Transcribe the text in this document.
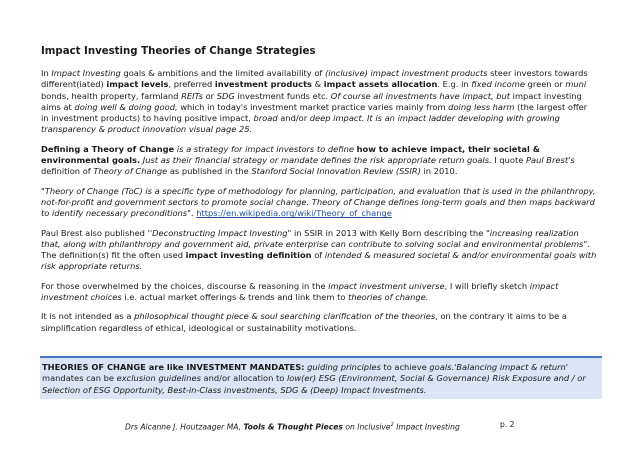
Impact Investing Theories of Change Strategies

In Impact Investing goals & ambitions and the limited availability of (inclusive) impact investment products steer investors towards different(iated) impact levels, preferred investment products & impact assets allocation. E.g. in fixed income green or muni bonds, health property, farmland REITs or SDG investment funds etc. Of course all investments have impact, but impact investing aims at doing well & doing good, which in today's investment market practice varies mainly from doing less harm (the largest offer in investment products) to having positive impact, broad and/or deep impact. It is an impact ladder developing with growing transparency & product innovation visual page 25.

Defining a Theory of Change is a strategy for impact investors to define how to achieve impact, their societal & environmental goals. Just as their financial strategy or mandate defines the risk appropriate return goals. I quote Paul Brest's definition of Theory of Change as published in the Stanford Social Innovation Review (SSIR) in 2010.

"Theory of Change (ToC) is a specific type of methodology for planning, participation, and evaluation that is used in the philanthropy, not-for-profit and government sectors to promote social change. Theory of Change defines long-term goals and then maps backward to identify necessary preconditions". https://en.wikipedia.org/wiki/Theory_of_change

Paul Brest also published ''Deconstructing Impact Investing" in SSIR in 2013 with Kelly Born describing the "increasing realization that, along with philanthropy and government aid, private enterprise can contribute to solving social and environmental problems". The definition(s) fit the often used impact investing definition of intended & measured societal & and/or environmental goals with risk appropriate returns.

For those overwhelmed by the choices, discourse & reasoning in the impact investment universe, I will briefly sketch impact investment choices i.e. actual market offerings & trends and link them to theories of change.

It is not intended as a philosophical thought piece & soul searching clarification of the theories, on the contrary it aims to be a simplification regardless of ethical, ideological or sustainability motivations.

THEORIES OF CHANGE are like INVESTMENT MANDATES: guiding principles to achieve goals.'Balancing impact & return' mandates can be exclusion guidelines and/or allocation to low(er) ESG (Environment, Social & Governance) Risk Exposure and / or Selection of ESG Opportunity, Best-in-Class investments, SDG & (Deep) Impact Investments.
Drs Alcanne J. Houtzaager MA, Tools & Thought Pieces on Inclusive$^2$ Impact Investing	p. 2
